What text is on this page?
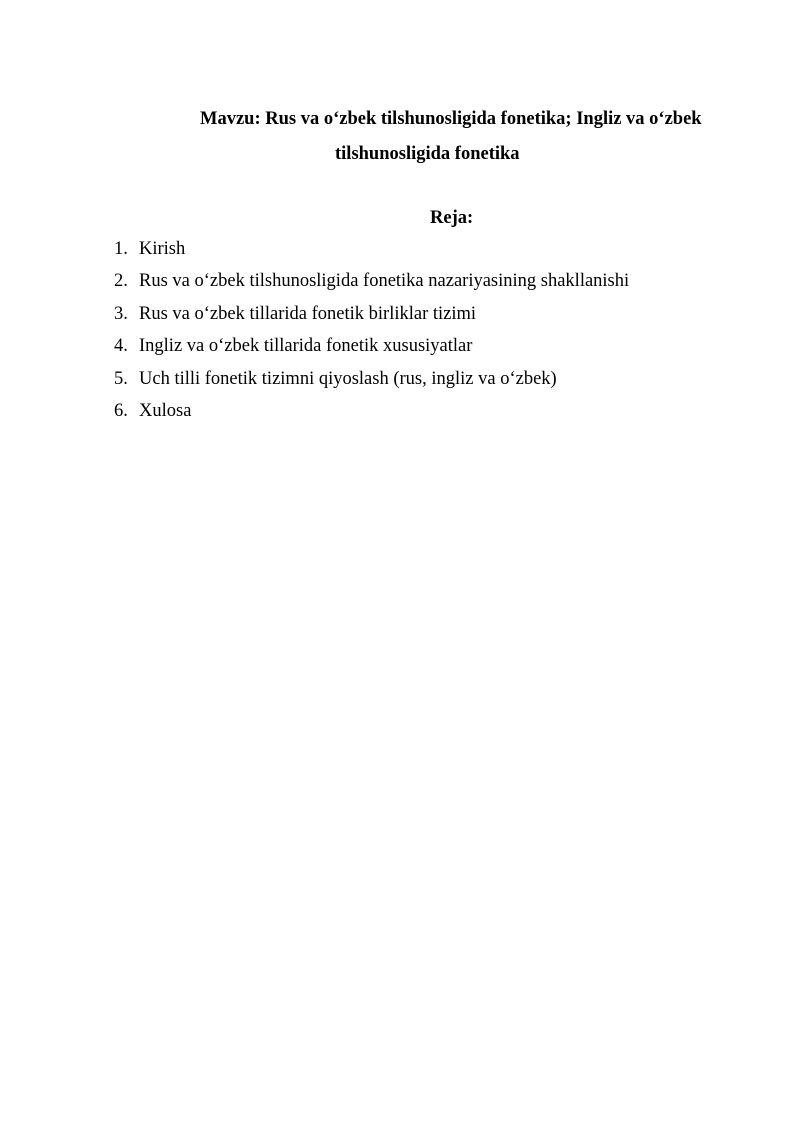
Mavzu: Rus va o‘zbek tilshunosligida fonetika; Ingliz va o‘zbek
tilshunosligida fonetika
Reja:
1. Kirish
2. Rus va o‘zbek tilshunosligida fonetika nazariyasining shakllanishi
3. Rus va o‘zbek tillarida fonetik birliklar tizimi
4. Ingliz va o‘zbek tillarida fonetik xususiyatlar
5. Uch tilli fonetik tizimni qiyoslash (rus, ingliz va o‘zbek)
6. Xulosa
